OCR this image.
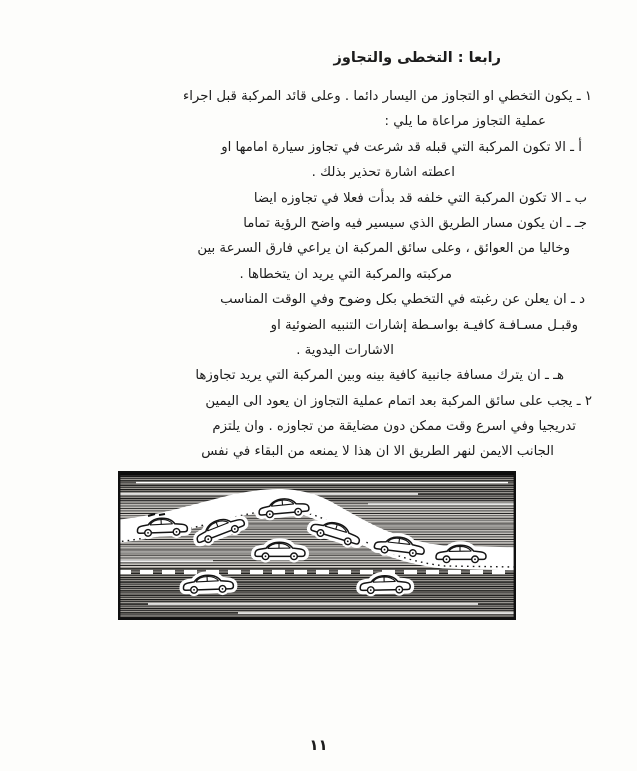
رابعا : التخطى والتجاوز
١ ـ يكون التخطي او التجاوز من اليسار دائما . وعلى قائد المركبة قبل اجراء
عملية التجاوز مراعاة ما يلي :
أ ـ الا تكون المركبة التي قبله قد شرعت في تجاوز سيارة امامها او
اعطته اشارة تحذير بذلك .
ب ـ الا تكون المركبة التي خلفه قد بدأت فعلا في تجاوزه ايضا
جـ ـ ان يكون مسار الطريق الذي سيسير فيه واضح الرؤية تماما
وخاليا من العوائق ، وعلى سائق المركبة ان يراعي فارق السرعة بين
مركبته والمركبة التي يريد ان يتخطاها .
د ـ ان يعلن عن رغبته في التخطي بكل وضوح وفي الوقت المناسب
وقبـل مسـافـة كافيـة بواسـطة إشارات التنبيه الضوئية او
الاشارات اليدوية .
هـ ـ ان يترك مسافة جانبية كافية بينه وبين المركبة التي يريد تجاوزها
٢ ـ يجب على سائق المركبة بعد اتمام عملية التجاوز ان يعود الى اليمين
تدريجيا وفي اسرع وقت ممكن دون مضايقة من تجاوزه . وان يلتزم
الجانب الايمن لنهر الطريق الا ان هذا لا يمنعه من البقاء في نفس
١١
